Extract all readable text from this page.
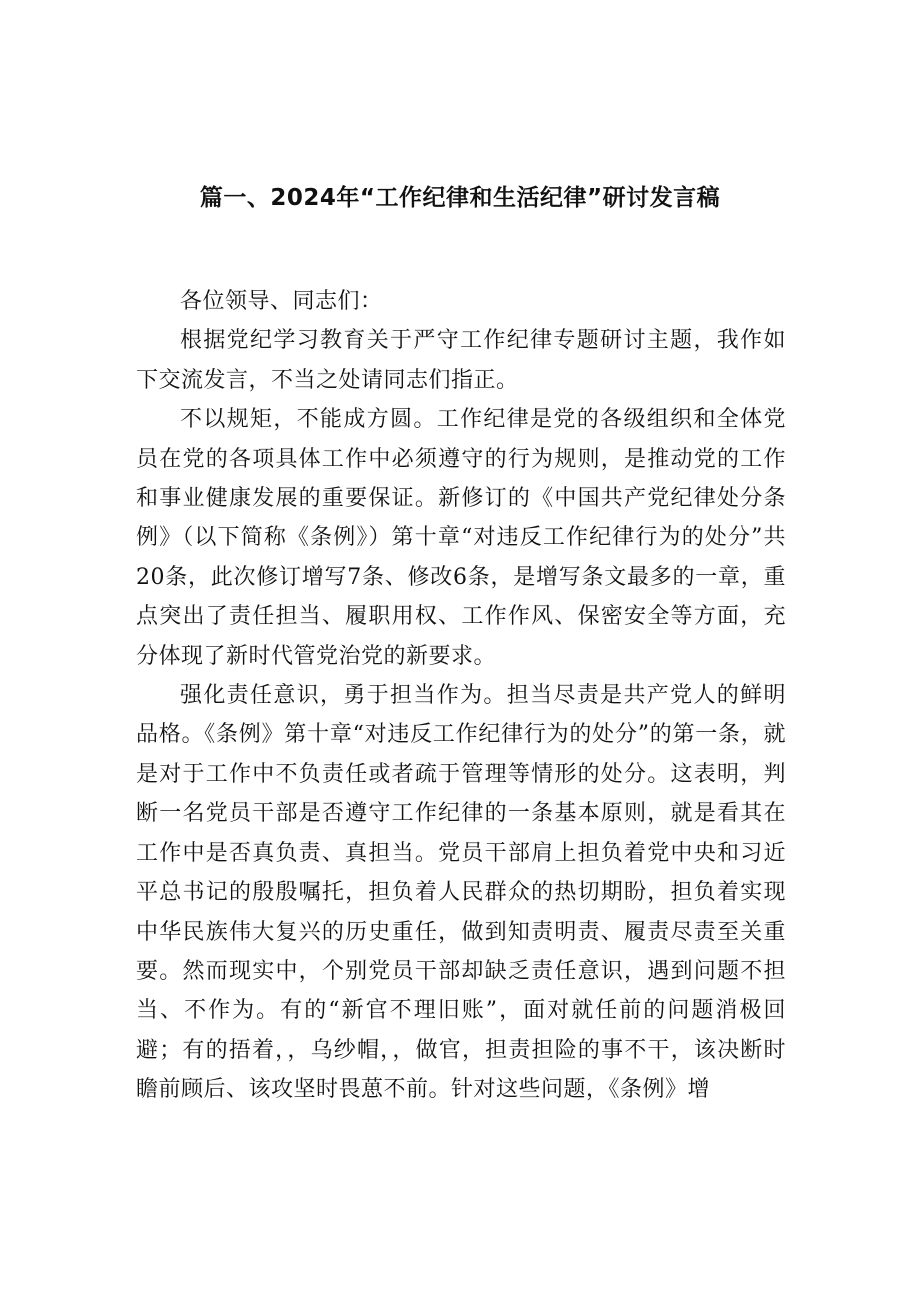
篇一、2024年“工作纪律和生活纪律”研讨发言稿

各位领导、同志们：

根据党纪学习教育关于严守工作纪律专题研讨主题，我作如下交流发言，不当之处请同志们指正。

不以规矩，不能成方圆。工作纪律是党的各级组织和全体党员在党的各项具体工作中必须遵守的行为规则，是推动党的工作和事业健康发展的重要保证。新修订的《中国共产党纪律处分条例》（以下简称《条例》）第十章“对违反工作纪律行为的处分”共20条，此次修订增写7条、修改6条，是增写条文最多的一章，重点突出了责任担当、履职用权、工作作风、保密安全等方面，充分体现了新时代管党治党的新要求。

强化责任意识，勇于担当作为。担当尽责是共产党人的鲜明品格。《条例》第十章“对违反工作纪律行为的处分”的第一条，就是对于工作中不负责任或者疏于管理等情形的处分。这表明，判断一名党员干部是否遵守工作纪律的一条基本原则，就是看其在工作中是否真负责、真担当。党员干部肩上担负着党中央和习近平总书记的殷殷嘱托，担负着人民群众的热切期盼，担负着实现中华民族伟大复兴的历史重任，做到知责明责、履责尽责至关重要。然而现实中，个别党员干部却缺乏责任意识，遇到问题不担当、不作为。有的“新官不理旧账”，面对就任前的问题消极回避；有的捂着，，乌纱帽，，做官，担责担险的事不干，该决断时瞻前顾后、该攻坚时畏葸不前。针对这些问题，《条例》增
